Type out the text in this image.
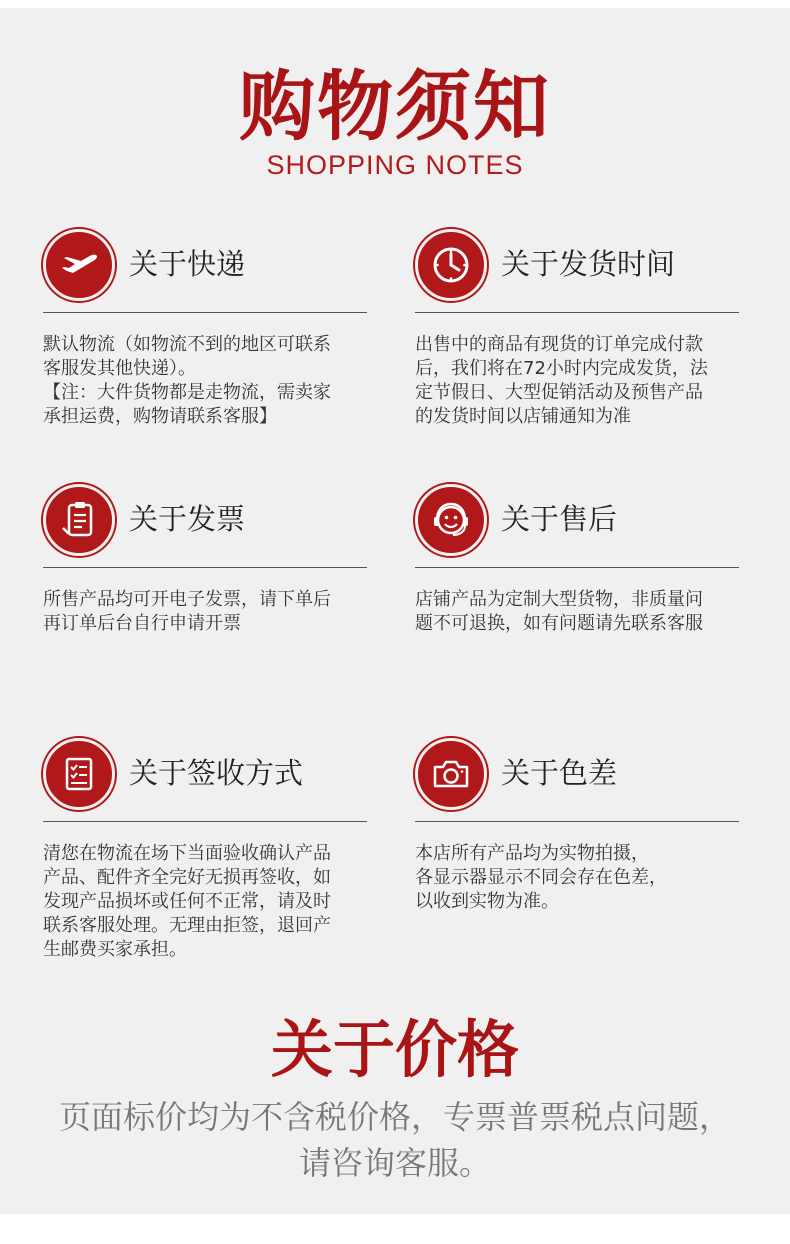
购物须知
SHOPPING NOTES
关于快递

默认物流（如物流不到的地区可联系

客服发其他快递）。

【注：大件货物都是走物流，需卖家

承担运费，购物请联系客服】

关于发货时间

出售中的商品有现货的订单完成付款

后，我们将在72小时内完成发货，法

定节假日、大型促销活动及预售产品

的发货时间以店铺通知为准

关于发票

所售产品均可开电子发票，请下单后

再订单后台自行申请开票

关于售后

店铺产品为定制大型货物，非质量问

题不可退换，如有问题请先联系客服

关于签收方式

清您在物流在场下当面验收确认产品

产品、配件齐全完好无损再签收，如

发现产品损坏或任何不正常，请及时

联系客服处理。无理由拒签，退回产

生邮费买家承担。

关于色差

本店所有产品均为实物拍摄，

各显示器显示不同会存在色差，

以收到实物为准。

关于价格

页面标价均为不含税价格，专票普票税点问题，

请咨询客服。
